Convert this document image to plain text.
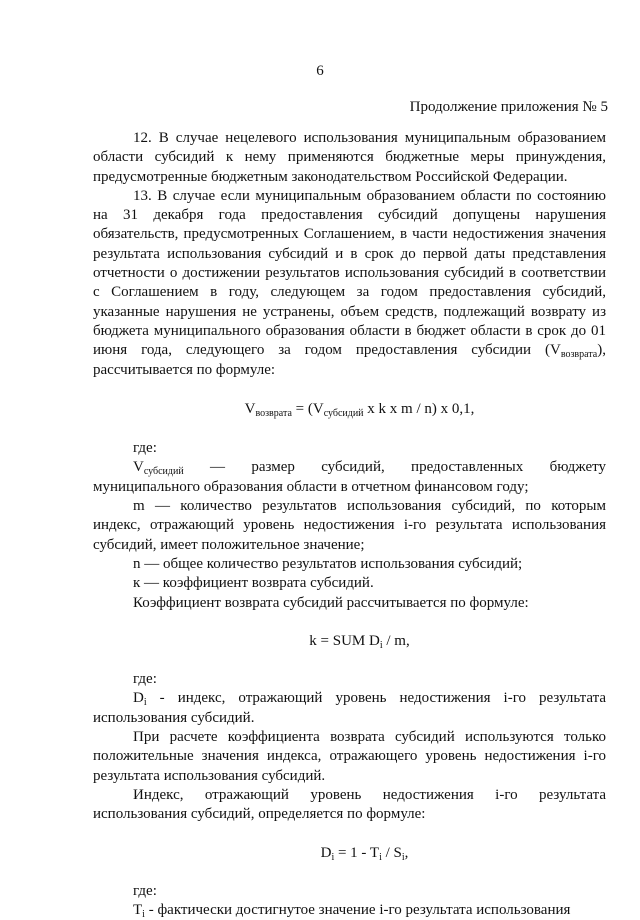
6
Продолжение приложения № 5

12. В случае нецелевого использования муниципальным образованием области субсидий к нему применяются бюджетные меры принуждения, предусмотренные бюджетным законодательством Российской Федерации.

13. В случае если муниципальным образованием области по состоянию на 31 декабря года предоставления субсидий допущены нарушения обязательств, предусмотренных Соглашением, в части недостижения значения результата использования субсидий и в срок до первой даты представления отчетности о достижении результатов использования субсидий в соответствии с Соглашением в году, следующем за годом предоставления субсидий, указанные нарушения не устранены, объем средств, подлежащий возврату из бюджета муниципального образования области в бюджет области в срок до 01 июня года, следующего за годом предоставления субсидии $(V_{возврата})$, рассчитывается по формуле:

$V_{возврата} = (V_{субсидий}$ x k x m / n) x 0,1,

где:

$V_{субсидий}$ — размер субсидий, предоставленных бюджету

муниципального образования области в отчетном финансовом году;

m — количество результатов использования субсидий, по которым индекс, отражающий уровень недостижения i-го результата использования субсидий, имеет положительное значение;

n — общее количество результатов использования субсидий;

к — коэффициент возврата субсидий.

Коэффициент возврата субсидий рассчитывается по формуле:

k = SUM $D_i$ / m,

где:

$D_i$ - индекс, отражающий уровень недостижения i-го результата использования субсидий.

При расчете коэффициента возврата субсидий используются только положительные значения индекса, отражающего уровень недостижения i-го результата использования субсидий.

Индекс, отражающий уровень недостижения i-го результата использования субсидий, определяется по формуле:

$D_i = 1 - T_i / S_i$,

где:

$T_i$ - фактически достигнутое значение i-го результата использования
